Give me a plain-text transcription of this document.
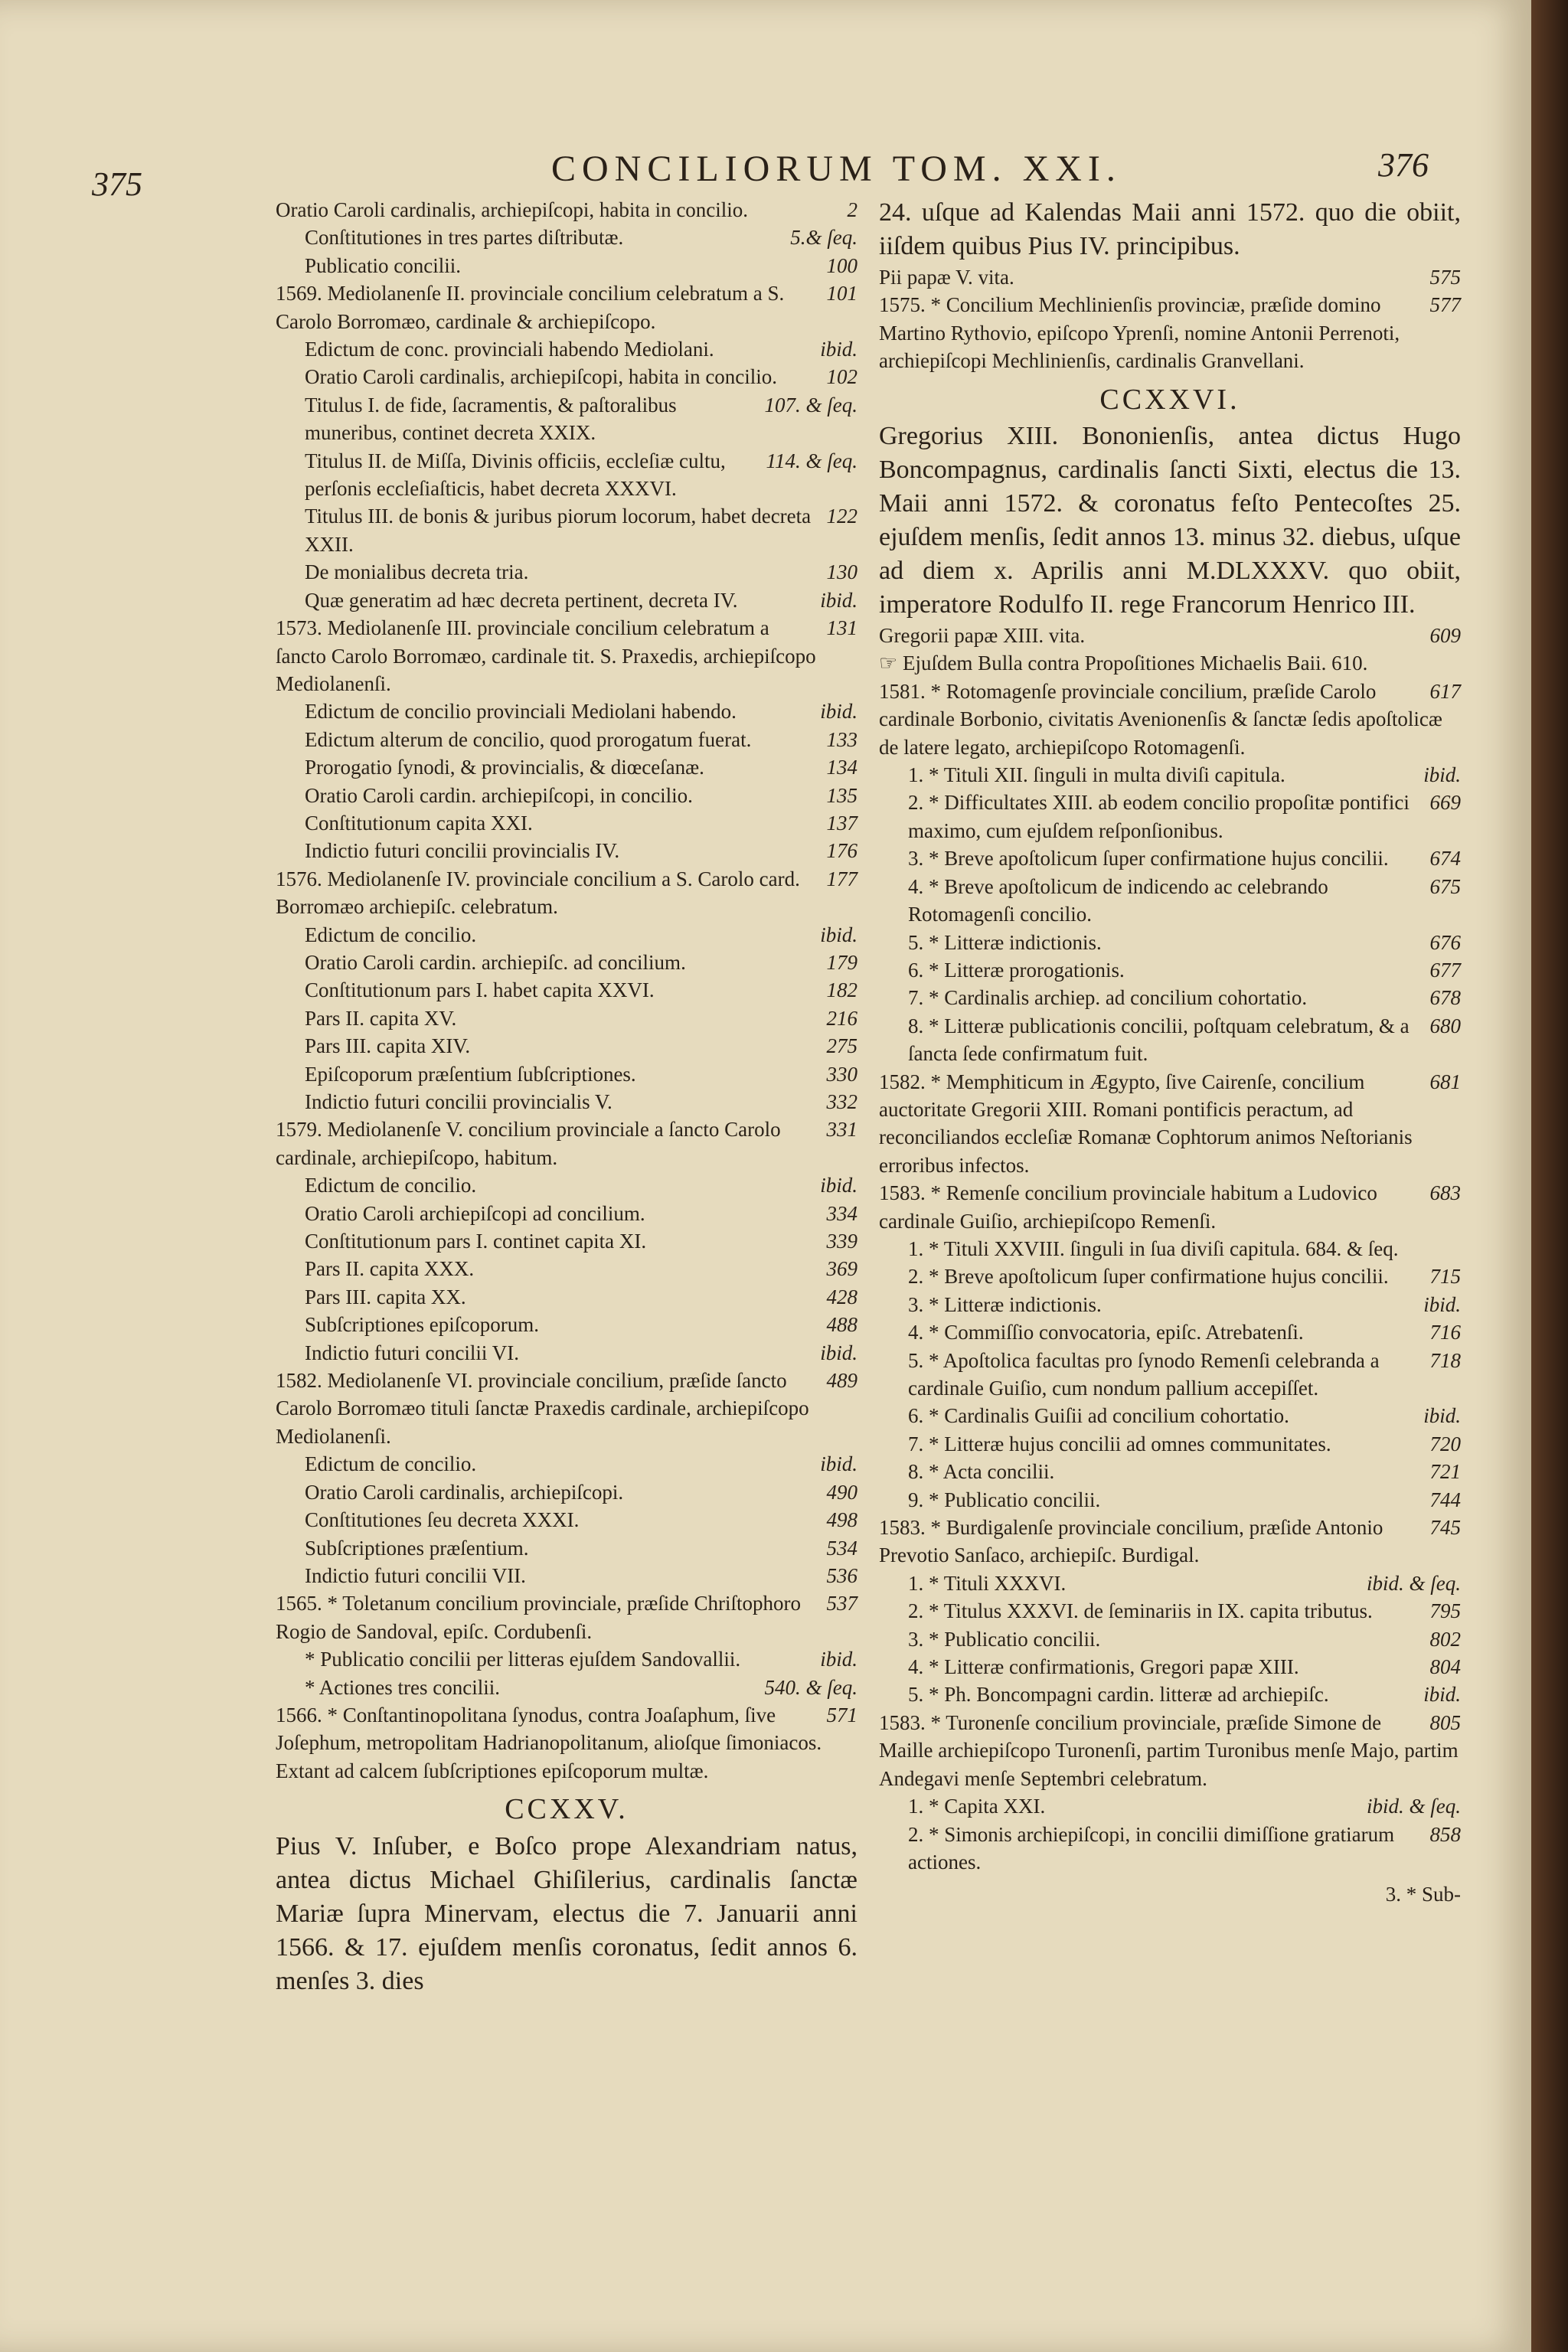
375	CONCILIORUM TOM. XXI.	376
2
Oratio Caroli cardinalis, archiepiſcopi, habita in concilio.
5.& ſeq.
Conſtitutiones in tres partes diſtributæ.
100
Publicatio concilii.
101
1569. Mediolanenſe II. provinciale concilium celebratum a S. Carolo Borromæo, cardinale & archiepiſcopo.
ibid.
Edictum de conc. provinciali habendo Mediolani.
102
Oratio Caroli cardinalis, archiepiſcopi, habita in concilio.
107. & ſeq.
Titulus I. de fide, ſacramentis, & paſtoralibus muneribus, continet decreta XXIX.
114. & ſeq.
Titulus II. de Miſſa, Divinis officiis, eccleſiæ cultu, perſonis eccleſiaſticis, habet decreta XXXVI.
122
Titulus III. de bonis & juribus piorum locorum, habet decreta XXII.
130
De monialibus decreta tria.
ibid.
Quæ generatim ad hæc decreta pertinent, decreta IV.
131
1573. Mediolanenſe III. provinciale concilium celebratum a ſancto Carolo Borromæo, cardinale tit. S. Praxedis, archiepiſcopo Mediolanenſi.
ibid.
Edictum de concilio provinciali Mediolani habendo.
133
Edictum alterum de concilio, quod prorogatum fuerat.
134
Prorogatio ſynodi, & provincialis, & diœceſanæ.
135
Oratio Caroli cardin. archiepiſcopi, in concilio.
137
Conſtitutionum capita XXI.
176
Indictio futuri concilii provincialis IV.
177
1576. Mediolanenſe IV. provinciale concilium a S. Carolo card. Borromæo archiepiſc. celebratum.
ibid.
Edictum de concilio.
179
Oratio Caroli cardin. archiepiſc. ad concilium.
182
Conſtitutionum pars I. habet capita XXVI.
216
Pars II. capita XV.
275
Pars III. capita XIV.
330
Epiſcoporum præſentium ſubſcriptiones.
332
Indictio futuri concilii provincialis V.
331
1579. Mediolanenſe V. concilium provinciale a ſancto Carolo cardinale, archiepiſcopo, habitum.
ibid.
Edictum de concilio.
334
Oratio Caroli archiepiſcopi ad concilium.
339
Conſtitutionum pars I. continet capita XI.
369
Pars II. capita XXX.
428
Pars III. capita XX.
488
Subſcriptiones epiſcoporum.
ibid.
Indictio futuri concilii VI.
489
1582. Mediolanenſe VI. provinciale concilium, præſide ſancto Carolo Borromæo tituli ſanctæ Praxedis cardinale, archiepiſcopo Mediolanenſi.
ibid.
Edictum de concilio.
490
Oratio Caroli cardinalis, archiepiſcopi.
498
Conſtitutiones ſeu decreta XXXI.
534
Subſcriptiones præſentium.
536
Indictio futuri concilii VII.
537
1565. * Toletanum concilium provinciale, præſide Chriſtophoro Rogio de Sandoval, epiſc. Cordubenſi.
ibid.
* Publicatio concilii per litteras ejuſdem Sandovallii.
540. & ſeq.
* Actiones tres concilii.
571
1566. * Conſtantinopolitana ſynodus, contra Joaſaphum, ſive Joſephum, metropolitam Hadrianopolitanum, alioſque ſimoniacos. Extant ad calcem ſubſcriptiones epiſcoporum multæ.
CCXXV.
Pius V. Inſuber, e Boſco prope Alexandriam natus, antea dictus Michael Ghiſilerius, cardinalis ſanctæ Mariæ ſupra Minervam, electus die 7. Januarii anni 1566. & 17. ejuſdem menſis coronatus, ſedit annos 6. menſes 3. dies
24. uſque ad Kalendas Maii anni 1572. quo die obiit, iiſdem quibus Pius IV. principibus.
575
Pii papæ V. vita.
577
1575. * Concilium Mechlinienſis provinciæ, præſide domino Martino Rythovio, epiſcopo Yprenſi, nomine Antonii Perrenoti, archiepiſcopi Mechlinienſis, cardinalis Granvellani.
CCXXVI.
Gregorius XIII. Bononienſis, antea dictus Hugo Boncompagnus, cardinalis ſancti Sixti, electus die 13. Maii anni 1572. & coronatus feſto Pentecoſtes 25. ejuſdem menſis, ſedit annos 13. minus 32. diebus, uſque ad diem x. Aprilis anni M.DLXXXV. quo obiit, imperatore Rodulfo II. rege Francorum Henrico III.
609
Gregorii papæ XIII. vita.
☞ Ejuſdem Bulla contra Propoſitiones Michaelis Baii. 610.
617
1581. * Rotomagenſe provinciale concilium, præſide Carolo cardinale Borbonio, civitatis Avenionenſis & ſanctæ ſedis apoſtolicæ de latere legato, archiepiſcopo Rotomagenſi.
ibid.
1. * Tituli XII. ſinguli in multa diviſi capitula.
669
2. * Difficultates XIII. ab eodem concilio propoſitæ pontifici maximo, cum ejuſdem reſponſionibus.
674
3. * Breve apoſtolicum ſuper confirmatione hujus concilii.
675
4. * Breve apoſtolicum de indicendo ac celebrando Rotomagenſi concilio.
676
5. * Litteræ indictionis.
677
6. * Litteræ prorogationis.
678
7. * Cardinalis archiep. ad concilium cohortatio.
680
8. * Litteræ publicationis concilii, poſtquam celebratum, & a ſancta ſede confirmatum fuit.
681
1582. * Memphiticum in Ægypto, ſive Cairenſe, concilium auctoritate Gregorii XIII. Romani pontificis peractum, ad reconciliandos eccleſiæ Romanæ Cophtorum animos Neſtorianis erroribus infectos.
683
1583. * Remenſe concilium provinciale habitum a Ludovico cardinale Guiſio, archiepiſcopo Remenſi.
1. * Tituli XXVIII. ſinguli in ſua diviſi capitula. 684. & ſeq.
715
2. * Breve apoſtolicum ſuper confirmatione hujus concilii.
ibid.
3. * Litteræ indictionis.
716
4. * Commiſſio convocatoria, epiſc. Atrebatenſi.
718
5. * Apoſtolica facultas pro ſynodo Remenſi celebranda a cardinale Guiſio, cum nondum pallium accepiſſet.
ibid.
6. * Cardinalis Guiſii ad concilium cohortatio.
720
7. * Litteræ hujus concilii ad omnes communitates.
721
8. * Acta concilii.
744
9. * Publicatio concilii.
745
1583. * Burdigalenſe provinciale concilium, præſide Antonio Prevotio Sanſaco, archiepiſc. Burdigal.
ibid. & ſeq.
1. * Tituli XXXVI.
795
2. * Titulus XXXVI. de ſeminariis in IX. capita tributus.
802
3. * Publicatio concilii.
804
4. * Litteræ confirmationis, Gregori papæ XIII.
ibid.
5. * Ph. Boncompagni cardin. litteræ ad archiepiſc.
805
1583. * Turonenſe concilium provinciale, præſide Simone de Maille archiepiſcopo Turonenſi, partim Turonibus menſe Majo, partim Andegavi menſe Septembri celebratum.
ibid. & ſeq.
1. * Capita XXI.
858
2. * Simonis archiepiſcopi, in concilii dimiſſione gratiarum actiones.
3. * Sub-
